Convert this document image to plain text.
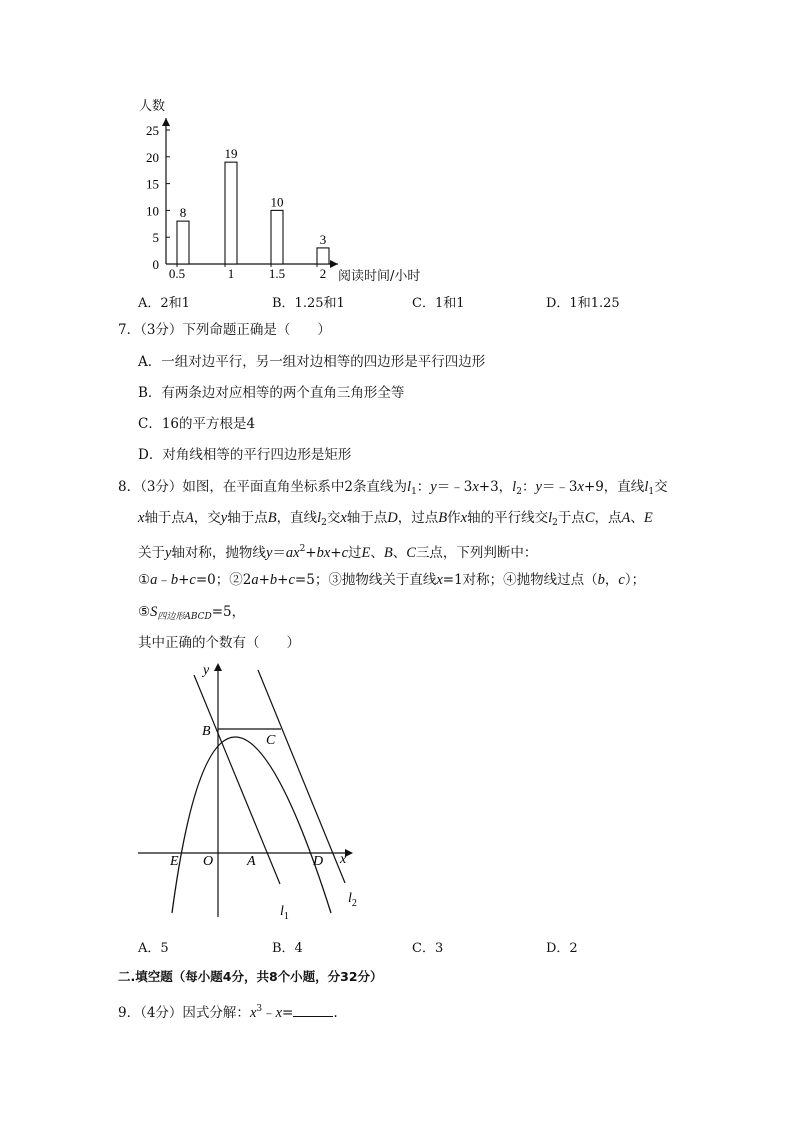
0
5
10
15
20
25
8
0.5
19
1
10
1.5
3
2
人数
阅读时间/小时
A．2和1	B．1.25和1	C．1和1	D．1和1.25
7．（3分）下列命题正确是（　　）
A．一组对边平行，另一组对边相等的四边形是平行四边形
B．有两条边对应相等的两个直角三角形全等
C．16的平方根是4
D．对角线相等的平行四边形是矩形
8．（3分）如图，在平面直角坐标系中2条直线为$l_1$：y＝﹣3x+3，$l_2$：y＝﹣3x+9，直线$l_1$交
x轴于点A，交y轴于点B，直线$l_2$交x轴于点D，过点B作x轴的平行线交$l_2$于点C，点A、E
关于y轴对称，抛物线$y=ax^2+bx+c$过E、B、C三点，下列判断中：
①a﹣b+c=0；②2a+b+c=5；③抛物线关于直线x=1对称；④抛物线过点（b，c）；
$⑤S_{四边形ABCD}=5$，
其中正确的个数有（　　）
y
x
B
C
E O A	D
$l_1$
$l_2$
A．5	B．4	C．3	D．2
二.填空题（每小题4分，共8个小题，分32分）
9．（4分）因式分解：$x^3﹣x=$	.
